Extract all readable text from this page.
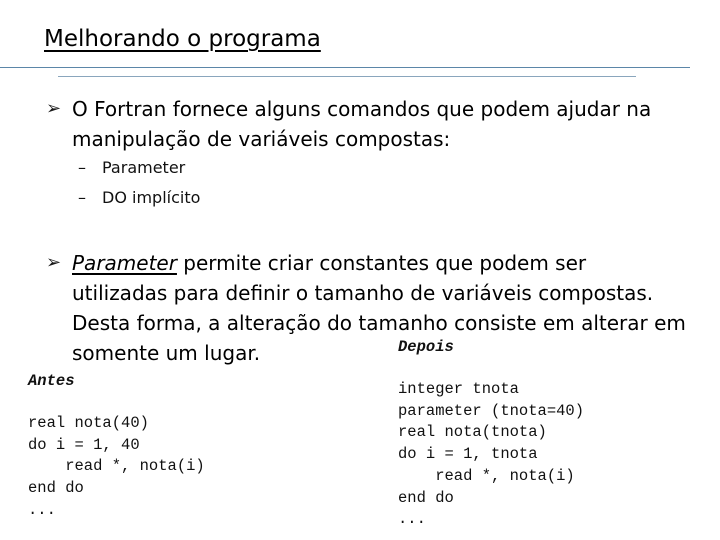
Melhorando o programa
➢ O Fortran fornece alguns comandos que podem ajudar na manipulação de variáveis compostas:
–	Parameter
–	DO implícito
➢ Parameter permite criar constantes que podem ser utilizadas para definir o tamanho de variáveis compostas. Desta forma, a alteração do tamanho consiste em alterar em somente um lugar.
Antes
real nota(40)
do i = 1, 40
read *, nota(i)
end do
...
Depois
integer tnota
parameter (tnota=40)
real nota(tnota)
do i = 1, tnota
read *, nota(i)
end do
...
